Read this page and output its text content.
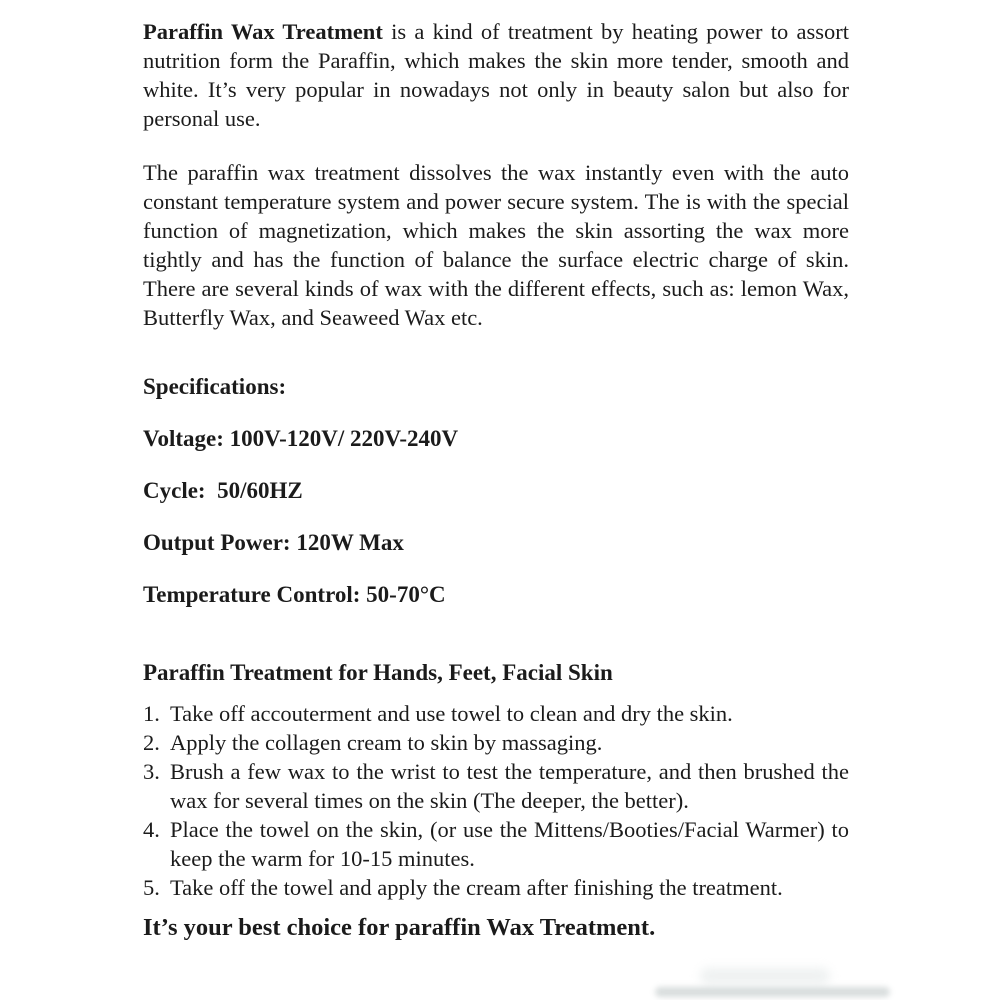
Paraffin Wax Treatment is a kind of treatment by heating power to assort nutrition form the Paraffin, which makes the skin more tender, smooth and white. It’s very popular in nowadays not only in beauty salon but also for personal use.

The paraffin wax treatment dissolves the wax instantly even with the auto constant temperature system and power secure system. The is with the special function of magnetization, which makes the skin assorting the wax more tightly and has the function of balance the surface electric charge of skin. There are several kinds of wax with the different effects, such as: lemon Wax, Butterfly Wax, and Seaweed Wax etc.

Specifications:

Voltage: 100V-120V/ 220V-240V

Cycle:  50/60HZ

Output Power: 120W Max

Temperature Control: 50-70°C

Paraffin Treatment for Hands, Feet, Facial Skin

1. Take off accouterment and use towel to clean and dry the skin.
2. Apply the collagen cream to skin by massaging.
3. Brush a few wax to the wrist to test the temperature, and then brushed the wax for several times on the skin (The deeper, the better).
4. Place the towel on the skin, (or use the Mittens/Booties/Facial Warmer) to keep the warm for 10-15 minutes.
5. Take off the towel and apply the cream after finishing the treatment.

It’s your best choice for paraffin Wax Treatment.
